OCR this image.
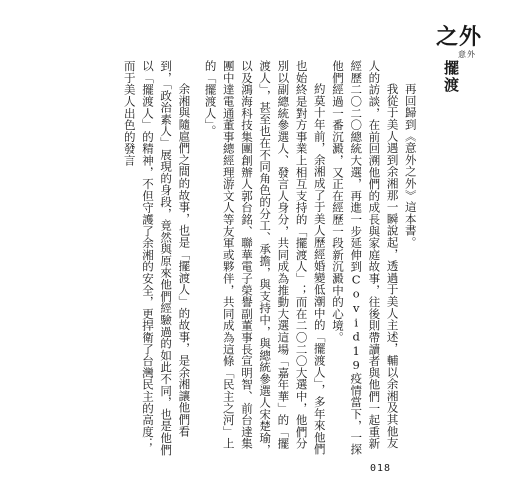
之外
意外
擺渡

再回歸到《意外之外》這本書。

我從于美人遇到余湘那一瞬說起，透過于美人主述，輔以余湘及其他友人的訪談，在前回溯他們的成長與家庭故事，往後則帶讀者與他們一起重新經歷二〇二〇總統大選，再進一步延伸到Covid19疫情當下，一探他們經過一番沉澱，又正在經歷一段新沉澱中的心境。

約莫十年前，余湘成了于美人歷經婚變低潮中的「擺渡人」，多年來他們也始終是對方事業上相互支持的「擺渡人」；而在二〇二〇大選中，他們分別以副總統參選人、發言人身分，共同成為推動大選這場「嘉年華」的「擺渡人」，甚至也在不同角色的分工、承擔，與支持中，與總統參選人宋楚瑜，以及鴻海科技集團創辦人郭台銘、聯華電子榮譽副董事長宣明智、前台達集團中達電通董事總經理游文人等友軍或夥伴，共同成為這條「民主之河」上的「擺渡人」。

余湘與隨扈們之間的故事，也是「擺渡人」的故事，是余湘讓他們看到，「政治素人」展現的身段，竟然與原來他們經驗過的如此不同，也是他們以「擺渡人」的精神，不但守護了余湘的安全，更捍衛了台灣民主的高度；而于美人出色的發言

018
